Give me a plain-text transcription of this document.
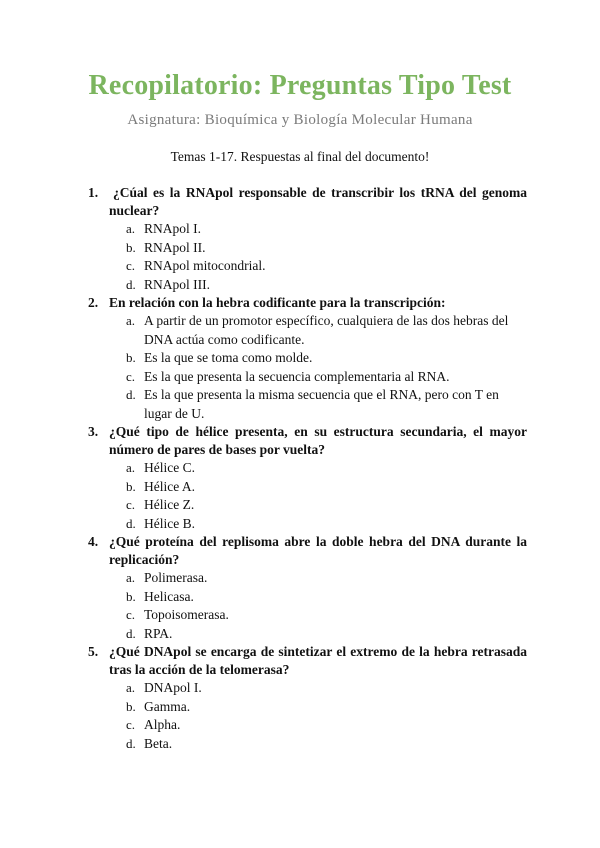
Recopilatorio: Preguntas Tipo Test
Asignatura: Bioquímica y Biología Molecular Humana
Temas 1-17. Respuestas al final del documento!
1. ¿Cúal es la RNApol responsable de transcribir los tRNA del genoma nuclear?
a. RNApol I.
b. RNApol II.
c. RNApol mitocondrial.
d. RNApol III.
2. En relación con la hebra codificante para la transcripción:
a. A partir de un promotor específico, cualquiera de las dos hebras del DNA actúa como codificante.
b. Es la que se toma como molde.
c. Es la que presenta la secuencia complementaria al RNA.
d. Es la que presenta la misma secuencia que el RNA, pero con T en lugar de U.
3. ¿Qué tipo de hélice presenta, en su estructura secundaria, el mayor número de pares de bases por vuelta?
a. Hélice C.
b. Hélice A.
c. Hélice Z.
d. Hélice B.
4. ¿Qué proteína del replisoma abre la doble hebra del DNA durante la replicación?
a. Polimerasa.
b. Helicasa.
c. Topoisomerasa.
d. RPA.
5. ¿Qué DNApol se encarga de sintetizar el extremo de la hebra retrasada tras la acción de la telomerasa?
a. DNApol I.
b. Gamma.
c. Alpha.
d. Beta.
